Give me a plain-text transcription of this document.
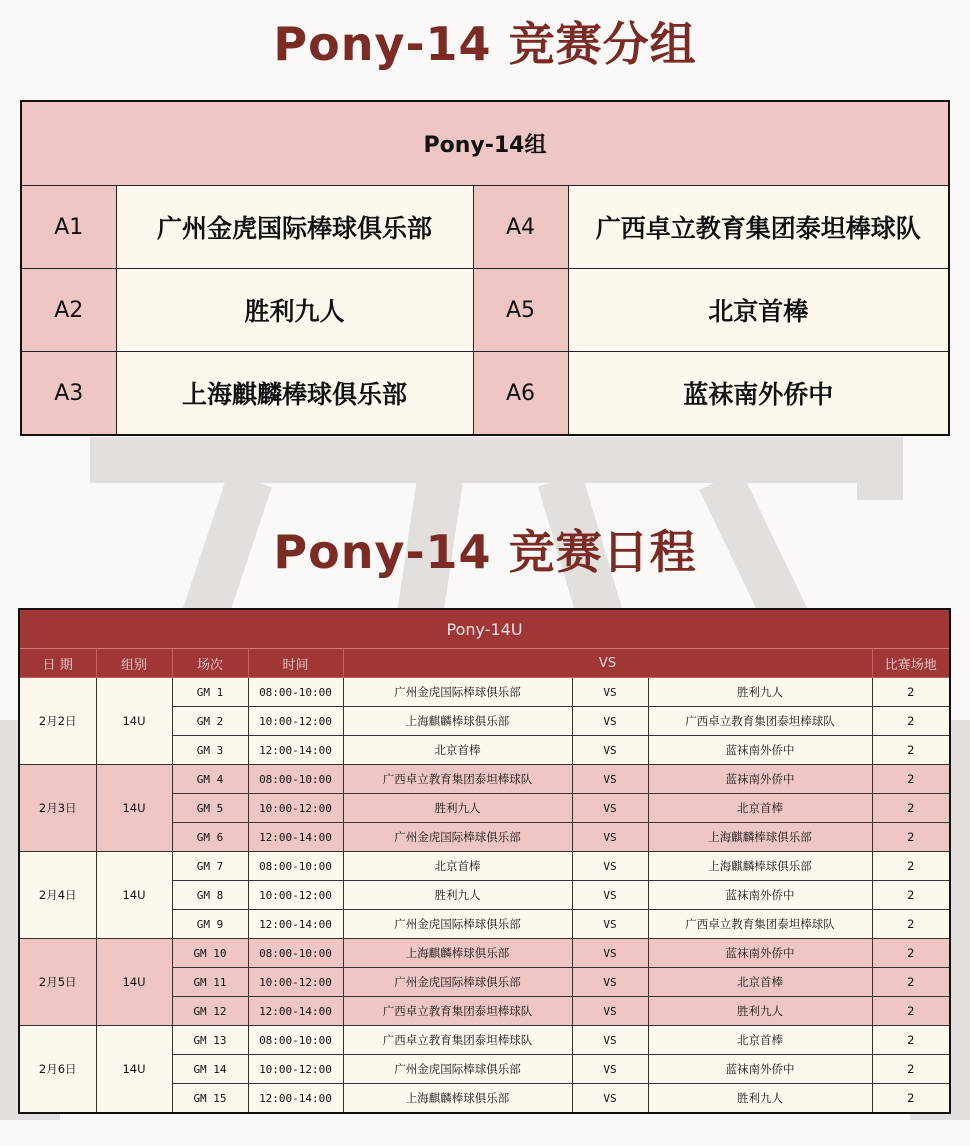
Pony-14 竞赛分组
Pony-14组			
A1	广州金虎国际棒球俱乐部	A4	广西卓立教育集团泰坦棒球队
A2	胜利九人	A5	北京首棒
A3	上海麒麟棒球俱乐部	A6	蓝袜南外侨中
Pony-14 竞赛日程
Pony-14U							
日 期	组别	场次	时间	VS			比赛场地
2月2日	14U	GM 1	08:00-10:00	广州金虎国际棒球俱乐部	VS	胜利九人	2
		GM 2	10:00-12:00	上海麒麟棒球俱乐部	VS	广西卓立教育集团泰坦棒球队	2
		GM 3	12:00-14:00	北京首棒	VS	蓝袜南外侨中	2
2月3日	14U	GM 4	08:00-10:00	广西卓立教育集团泰坦棒球队	VS	蓝袜南外侨中	2
		GM 5	10:00-12:00	胜利九人	VS	北京首棒	2
		GM 6	12:00-14:00	广州金虎国际棒球俱乐部	VS	上海麒麟棒球俱乐部	2
2月4日	14U	GM 7	08:00-10:00	北京首棒	VS	上海麒麟棒球俱乐部	2
		GM 8	10:00-12:00	胜利九人	VS	蓝袜南外侨中	2
		GM 9	12:00-14:00	广州金虎国际棒球俱乐部	VS	广西卓立教育集团泰坦棒球队	2
2月5日	14U	GM 10	08:00-10:00	上海麒麟棒球俱乐部	VS	蓝袜南外侨中	2
		GM 11	10:00-12:00	广州金虎国际棒球俱乐部	VS	北京首棒	2
		GM 12	12:00-14:00	广西卓立教育集团泰坦棒球队	VS	胜利九人	2
2月6日	14U	GM 13	08:00-10:00	广西卓立教育集团泰坦棒球队	VS	北京首棒	2
		GM 14	10:00-12:00	广州金虎国际棒球俱乐部	VS	蓝袜南外侨中	2
		GM 15	12:00-14:00	上海麒麟棒球俱乐部	VS	胜利九人	2
